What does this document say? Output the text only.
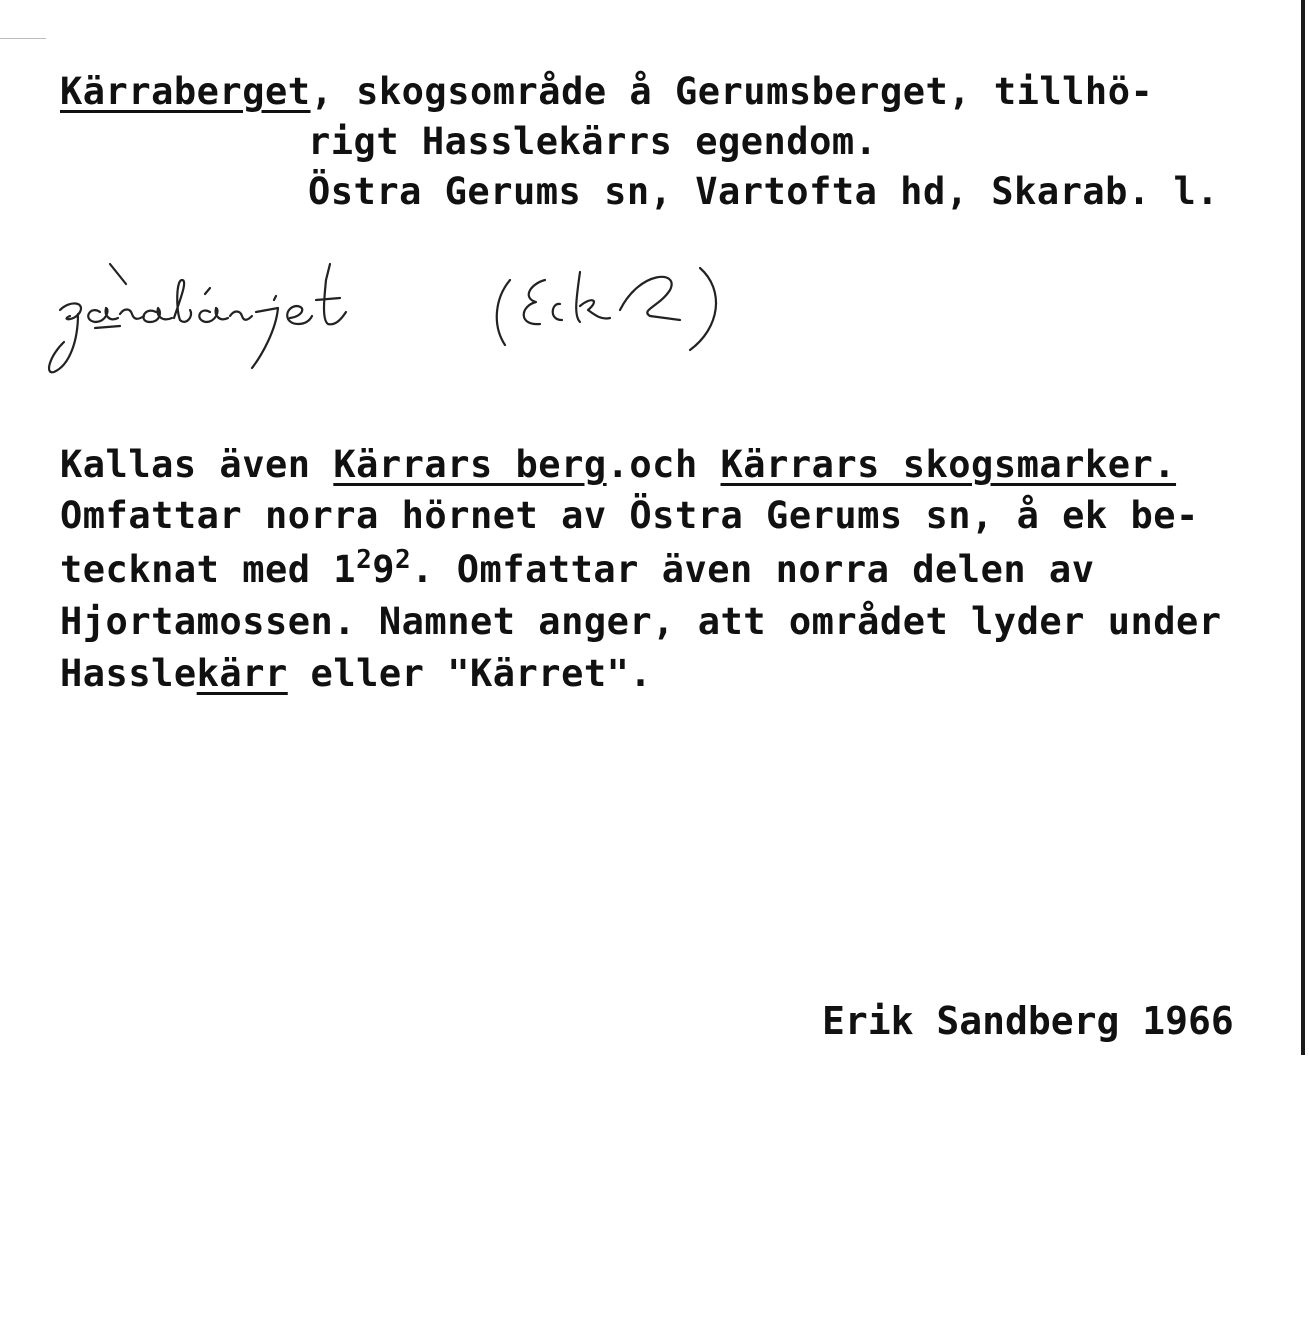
Kärraberget, skogsområde å Gerumsberget, tillhö-
rigt Hasslekärrs egendom.
Östra Gerums sn, Vartofta hd, Skarab. l.
Kallas även Kärrars berg.och Kärrars skogsmarker.
Omfattar norra hörnet av Östra Gerums sn, å ek be-
tecknat med $1^29^2$. Omfattar även norra delen av
Hjortamossen. Namnet anger, att området lyder under
Hasslekärr eller "Kärret".
Erik Sandberg 1966
